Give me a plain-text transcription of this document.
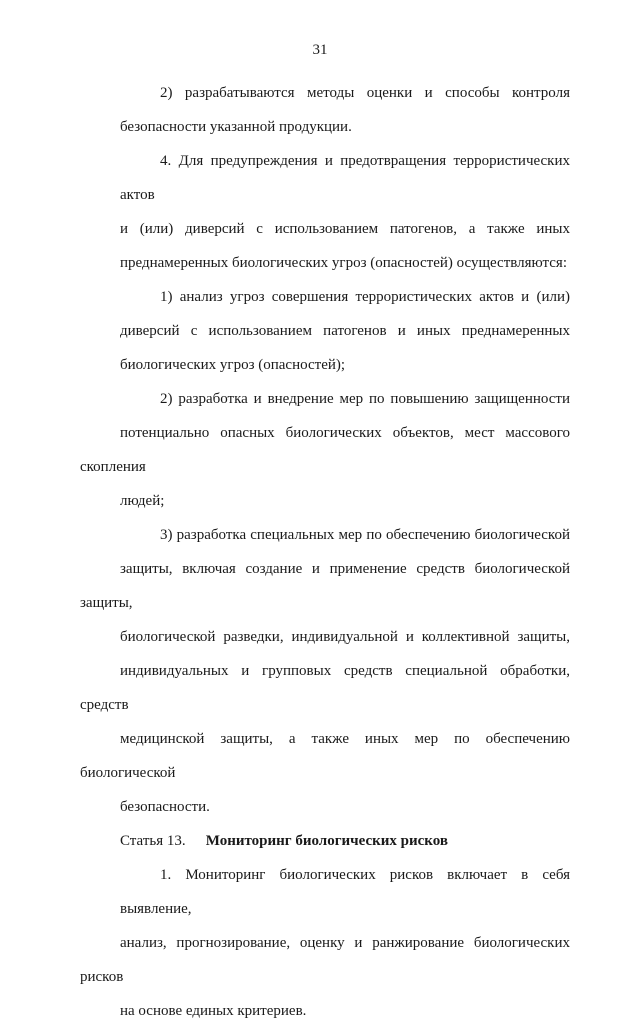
31
2) разрабатываются методы оценки и способы контроля
безопасности указанной продукции.
4. Для предупреждения и предотвращения террористических актов
и (или) диверсий с использованием патогенов, а также иных
преднамеренных биологических угроз (опасностей) осуществляются:
1) анализ угроз совершения террористических актов и (или)
диверсий с использованием патогенов и иных преднамеренных
биологических угроз (опасностей);
2) разработка и внедрение мер по повышению защищенности
потенциально опасных биологических объектов, мест массового скопления
людей;
3) разработка специальных мер по обеспечению биологической
защиты, включая создание и применение средств биологической защиты,
биологической разведки, индивидуальной и коллективной защиты,
индивидуальных и групповых средств специальной обработки, средств
медицинской защиты, а также иных мер по обеспечению биологической
безопасности.
Статья 13. Мониторинг биологических рисков
1. Мониторинг биологических рисков включает в себя выявление,
анализ, прогнозирование, оценку и ранжирование биологических рисков
на основе единых критериев.
